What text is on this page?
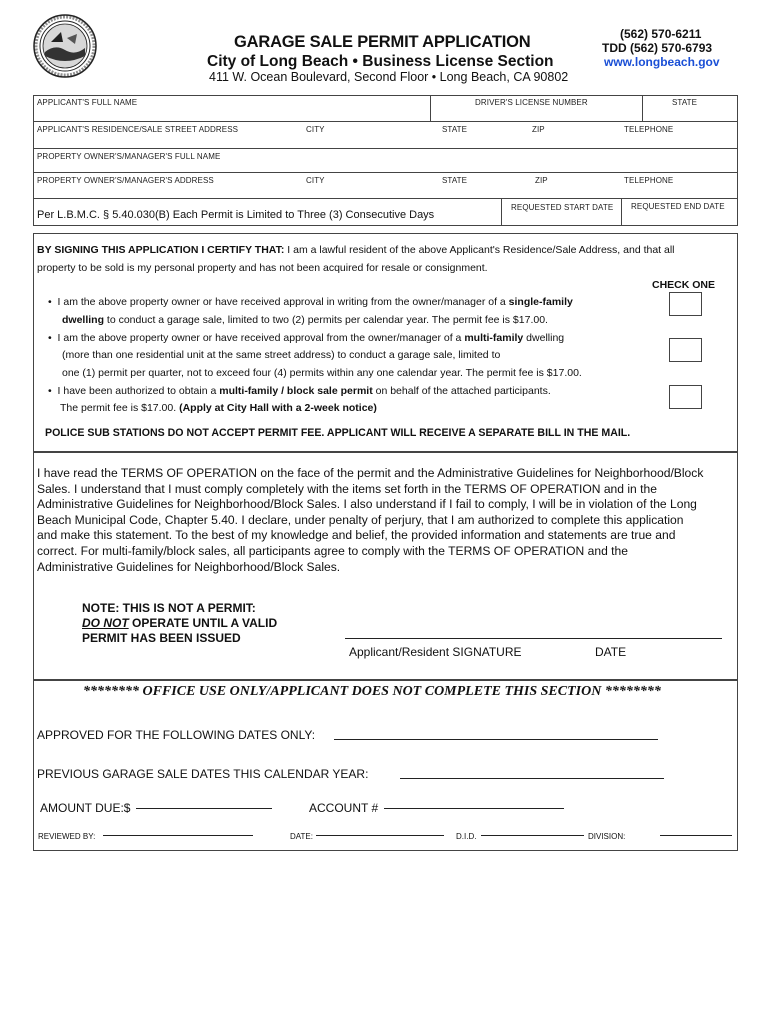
GARAGE SALE PERMIT APPLICATION
City of Long Beach • Business License Section
411 W. Ocean Boulevard, Second Floor • Long Beach, CA 90802
(562) 570-6211
TDD (562) 570-6793
www.longbeach.gov
APPLICANT'S FULL NAME	DRIVER'S LICENSE NUMBER	STATE
APPLICANT'S RESIDENCE/SALE STREET ADDRESS	CITY	STATE	ZIP	TELEPHONE
PROPERTY OWNER'S/MANAGER'S FULL NAME
PROPERTY OWNER'S/MANAGER'S ADDRESS	CITY	STATE	ZIP	TELEPHONE
Per L.B.M.C. § 5.40.030(B) Each Permit is Limited to Three (3) Consecutive Days
REQUESTED START DATE REQUESTED END DATE
BY SIGNING THIS APPLICATION I CERTIFY THAT: I am a lawful resident of the above Applicant's Residence/Sale Address, and that all
property to be sold is my personal property and has not been acquired for resale or consignment.
CHECK ONE
•  I am the above property owner or have received approval in writing from the owner/manager of a single-family
dwelling to conduct a garage sale, limited to two (2) permits per calendar year. The permit fee is $17.00.
•  I am the above property owner or have received approval from the owner/manager of a multi-family dwelling
(more than one residential unit at the same street address) to conduct a garage sale, limited to
one (1) permit per quarter, not to exceed four (4) permits within any one calendar year. The permit fee is $17.00.
•  I have been authorized to obtain a multi-family / block sale permit on behalf of the attached participants.
The permit fee is $17.00. (Apply at City Hall with a 2-week notice)
POLICE SUB STATIONS DO NOT ACCEPT PERMIT FEE. APPLICANT WILL RECEIVE A SEPARATE BILL IN THE MAIL.
I have read the TERMS OF OPERATION on the face of the permit and the Administrative Guidelines for Neighborhood/Block
Sales. I understand that I must comply completely with the items set forth in the TERMS OF OPERATION and in the
Administrative Guidelines for Neighborhood/Block Sales. I also understand if I fail to comply, I will be in violation of the Long
Beach Municipal Code, Chapter 5.40. I declare, under penalty of perjury, that I am authorized to complete this application
and make this statement. To the best of my knowledge and belief, the provided information and statements are true and
correct. For multi-family/block sales, all participants agree to comply with the TERMS OF OPERATION and the
Administrative Guidelines for Neighborhood/Block Sales.
NOTE: THIS IS NOT A PERMIT:
DO NOT OPERATE UNTIL A VALID
PERMIT HAS BEEN ISSUED
Applicant/Resident SIGNATURE	DATE
******** OFFICE USE ONLY/APPLICANT DOES NOT COMPLETE THIS SECTION ********
APPROVED FOR THE FOLLOWING DATES ONLY:
PREVIOUS GARAGE SALE DATES THIS CALENDAR YEAR:
AMOUNT DUE:$	ACCOUNT #
REVIEWED BY:	DATE:	D.I.D.	DIVISION:
